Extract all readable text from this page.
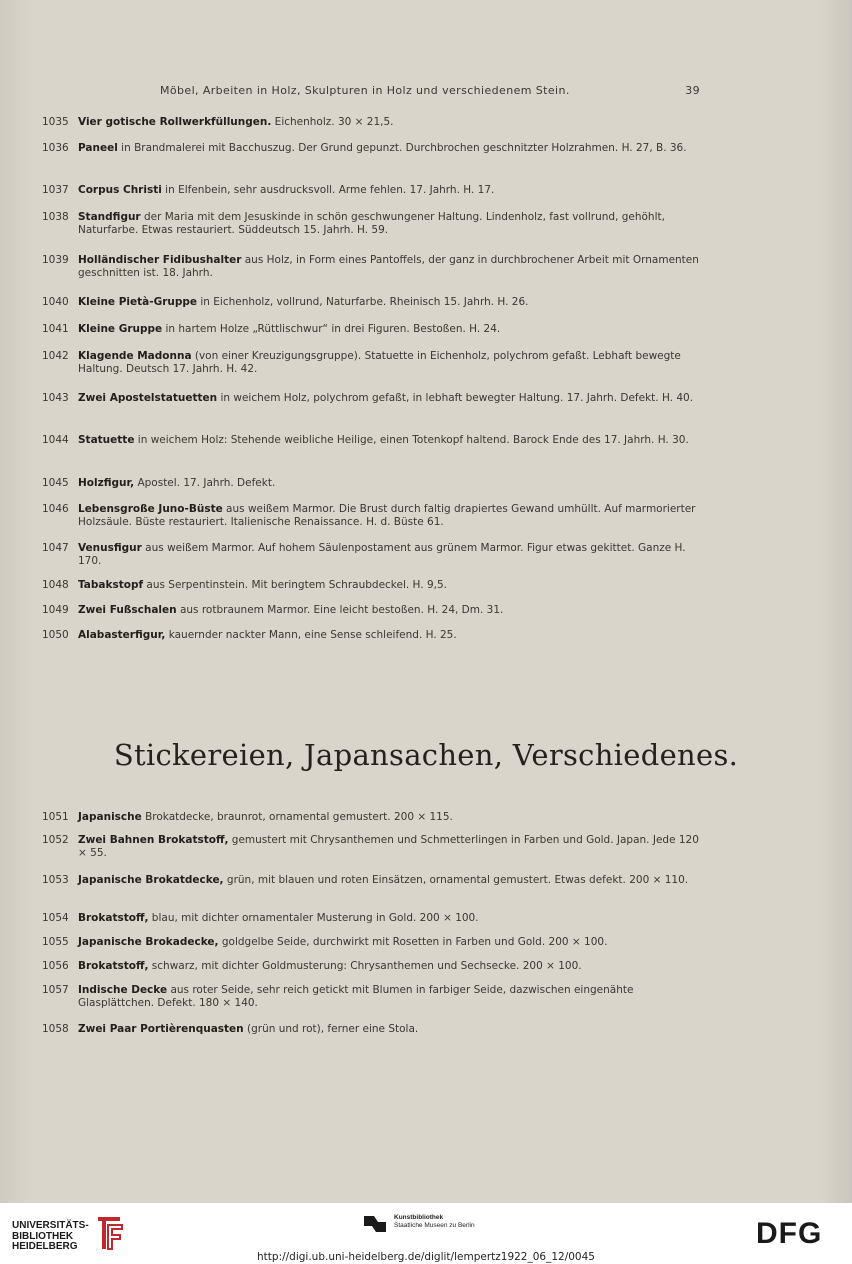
Möbel, Arbeiten in Holz, Skulpturen in Holz und verschiedenem Stein.	39
1035 Vier gotische Rollwerkfüllungen. Eichenholz. 30 × 21,5.
1036 Paneel in Brandmalerei mit Bacchuszug. Der Grund gepunzt. Durchbrochen geschnitzter Holzrahmen. H. 27, B. 36.
1037 Corpus Christi in Elfenbein, sehr ausdrucksvoll. Arme fehlen. 17. Jahrh. H. 17.
1038 Standfigur der Maria mit dem Jesuskinde in schön geschwungener Haltung. Lindenholz, fast vollrund, gehöhlt, Naturfarbe. Etwas restauriert. Süddeutsch 15. Jahrh. H. 59.
1039 Holländischer Fidibushalter aus Holz, in Form eines Pantoffels, der ganz in durchbrochener Arbeit mit Ornamenten geschnitten ist. 18. Jahrh.
1040 Kleine Pietà-Gruppe in Eichenholz, vollrund, Naturfarbe. Rheinisch 15. Jahrh. H. 26.
1041 Kleine Gruppe in hartem Holze „Rüttlischwur“ in drei Figuren. Bestoßen. H. 24.
1042 Klagende Madonna (von einer Kreuzigungsgruppe). Statuette in Eichenholz, polychrom gefaßt. Lebhaft bewegte Haltung. Deutsch 17. Jahrh. H. 42.
1043 Zwei Apostelstatuetten in weichem Holz, polychrom gefaßt, in lebhaft bewegter Haltung. 17. Jahrh. Defekt. H. 40.
1044 Statuette in weichem Holz: Stehende weibliche Heilige, einen Totenkopf haltend. Barock Ende des 17. Jahrh. H. 30.
1045 Holzfigur, Apostel. 17. Jahrh. Defekt.
1046 Lebensgroße Juno-Büste aus weißem Marmor. Die Brust durch faltig drapiertes Gewand umhüllt. Auf marmorierter Holzsäule. Büste restauriert. Italienische Renaissance. H. d. Büste 61.
1047 Venusfigur aus weißem Marmor. Auf hohem Säulenpostament aus grünem Marmor. Figur etwas gekittet. Ganze H. 170.
1048 Tabakstopf aus Serpentinstein. Mit beringtem Schraubdeckel. H. 9,5.
1049 Zwei Fußschalen aus rotbraunem Marmor. Eine leicht bestoßen. H. 24, Dm. 31.
1050 Alabasterfigur, kauernder nackter Mann, eine Sense schleifend. H. 25.
Stickereien, Japansachen, Verschiedenes.
1051 Japanische Brokatdecke, braunrot, ornamental gemustert. 200 × 115.
1052 Zwei Bahnen Brokatstoff, gemustert mit Chrysanthemen und Schmetterlingen in Farben und Gold. Japan. Jede 120 × 55.
1053 Japanische Brokatdecke, grün, mit blauen und roten Einsätzen, ornamental gemustert. Etwas defekt. 200 × 110.
1054 Brokatstoff, blau, mit dichter ornamentaler Musterung in Gold. 200 × 100.
1055 Japanische Brokadecke, goldgelbe Seide, durchwirkt mit Rosetten in Farben und Gold. 200 × 100.
1056 Brokatstoff, schwarz, mit dichter Goldmusterung: Chrysanthemen und Sechsecke. 200 × 100.
1057 Indische Decke aus roter Seide, sehr reich getickt mit Blumen in farbiger Seide, dazwischen eingenähte Glasplättchen. Defekt. 180 × 140.
1058 Zwei Paar Portièrenquasten (grün und rot), ferner eine Stola.
UNIVERSITÄTS-
BIBLIOTHEK
HEIDELBERG
Kunstbibliothek
Staatliche Museen zu Berlin	DFG
http://digi.ub.uni-heidelberg.de/diglit/lempertz1922_06_12/0045
